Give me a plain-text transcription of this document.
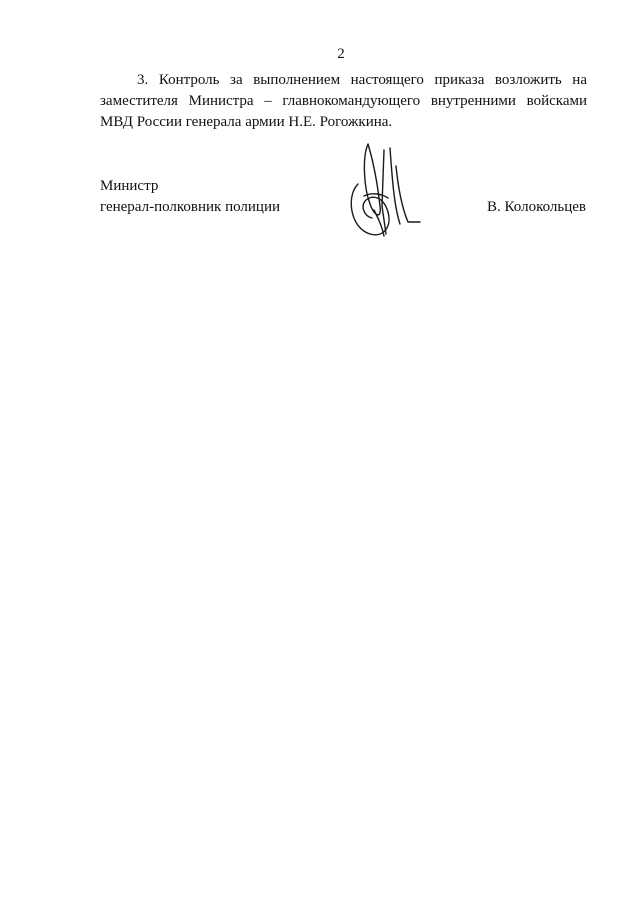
2
3. Контроль за выполнением настоящего приказа возложить на
заместителя Министра – главнокомандующего внутренними войсками
МВД России генерала армии Н.Е. Рогожкина.
Министр
генерал-полковник полиции	В. Колокольцев
